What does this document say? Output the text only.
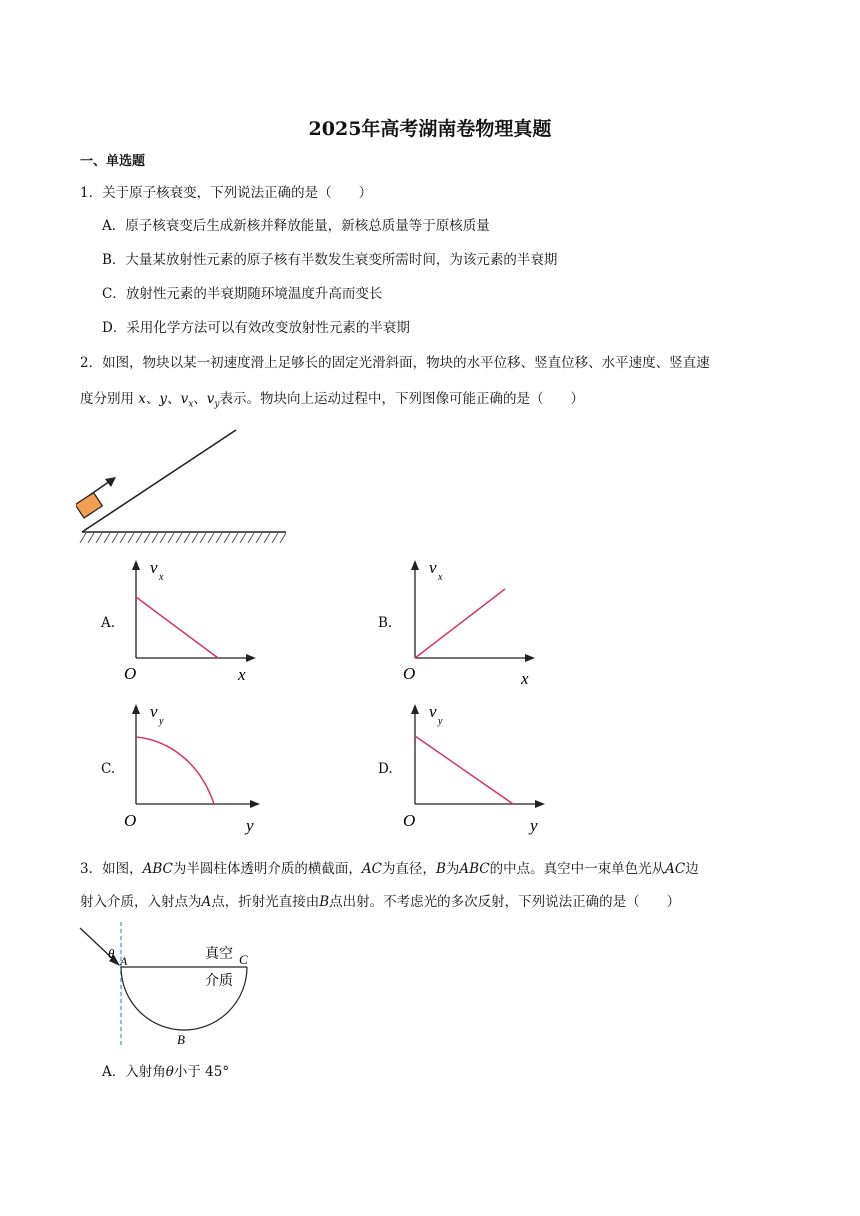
2025年高考湖南卷物理真题
一、单选题
1．关于原子核衰变，下列说法正确的是（　　）
A．原子核衰变后生成新核并释放能量，新核总质量等于原核质量
B．大量某放射性元素的原子核有半数发生衰变所需时间，为该元素的半衰期
C．放射性元素的半衰期随环境温度升高而变长
D．采用化学方法可以有效改变放射性元素的半衰期
2．如图，物块以某一初速度滑上足够长的固定光滑斜面，物块的水平位移、竖直位移、水平速度、竖直速
度分别用 x、y、$v_x$、$v_y$表示。物块向上运动过程中，下列图像可能正确的是（　　）
A.
O	x
v
x
B.
O	x
v
x
C.
O	y
v
y
D.
O	y
v
y
3．如图，ABC为半圆柱体透明介质的横截面，AC为直径，B为ABC的中点。真空中一束单色光从AC边
射入介质，入射点为A点，折射光直接由B点出射。不考虑光的多次反射，下列说法正确的是（　　）
θ A	C
B
真空
介质
A．入射角θ小于 45°
